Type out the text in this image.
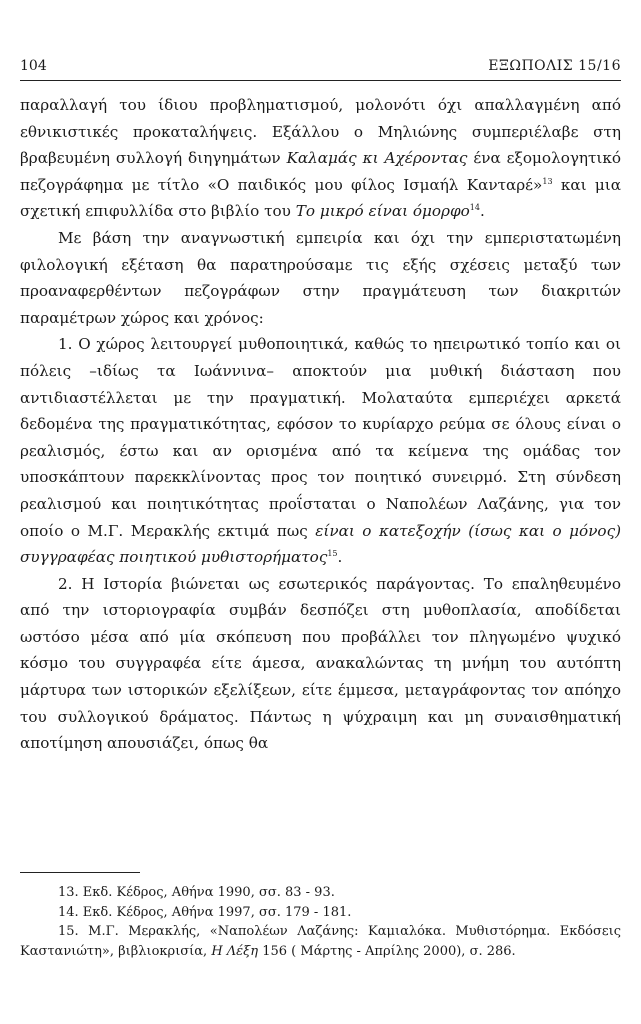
104	ΕΞΩΠΟΛΙΣ 15/16

παραλλαγή του ίδιου προβληματισμού, μολονότι όχι απαλλαγμένη από εθνικιστικές προκαταλήψεις. Εξάλλου ο Μηλιώνης συμπεριέλαβε στη βραβευμένη συλλογή διηγημάτων Καλαμάς κι Αχέροντας ένα εξομολογητικό πεζογράφημα με τίτλο «Ο παιδικός μου φίλος Ισμαήλ Κανταρέ»$^{13}$ και μια σχετική επιφυλλίδα στο βιβλίο του Το μικρό είναι όμορφο$^{14}$.

Με βάση την αναγνωστική εμπειρία και όχι την εμπεριστατωμένη φιλολογική εξέταση θα παρατηρούσαμε τις εξής σχέσεις μεταξύ των προαναφερθέντων πεζογράφων στην πραγμάτευση των διακριτών παραμέτρων χώρος και χρόνος:

1. Ο χώρος λειτουργεί μυθοποιητικά, καθώς το ηπειρωτικό τοπίο και οι πόλεις –ιδίως τα Ιωάννινα– αποκτούν μια μυθική διάσταση που αντιδιαστέλλεται με την πραγματική. Μολαταύτα εμπεριέχει αρκετά δεδομένα της πραγματικότητας, εφόσον το κυρίαρχο ρεύμα σε όλους είναι ο ρεαλισμός, έστω και αν ορισμένα από τα κείμενα της ομάδας τον υποσκάπτουν παρεκκλίνοντας προς τον ποιητικό συνειρμό. Στη σύνδεση ρεαλισμού και ποιητικότητας προΐσταται ο Ναπολέων Λαζάνης, για τον οποίο ο Μ.Γ. Μερακλής εκτιμά πως είναι ο κατεξοχήν (ίσως και ο μόνος) συγγραφέας ποιητικού μυθιστορήματος$^{15}$.

2. Η Ιστορία βιώνεται ως εσωτερικός παράγοντας. Το επαληθευμένο από την ιστοριογραφία συμβάν δεσπόζει στη μυθοπλασία, αποδίδεται ωστόσο μέσα από μία σκόπευση που προβάλλει τον πληγωμένο ψυχικό κόσμο του συγγραφέα είτε άμεσα, ανακαλώντας τη μνήμη του αυτόπτη μάρτυρα των ιστορικών εξελίξεων, είτε έμμεσα, μεταγράφοντας τον απόηχο του συλλογικού δράματος. Πάντως η ψύχραιμη και μη συναισθηματική αποτίμηση απουσιάζει, όπως θα

13. Εκδ. Κέδρος, Αθήνα 1990, σσ. 83 - 93.
14. Εκδ. Κέδρος, Αθήνα 1997, σσ. 179 - 181.
15. Μ.Γ. Μερακλής, «Ναπολέων Λαζάνης: Καμιαλόκα. Μυθιστόρημα. Εκδόσεις Καστανιώτη», βιβλιοκρισία, Η Λέξη 156 ( Μάρτης - Απρίλης 2000), σ. 286.
